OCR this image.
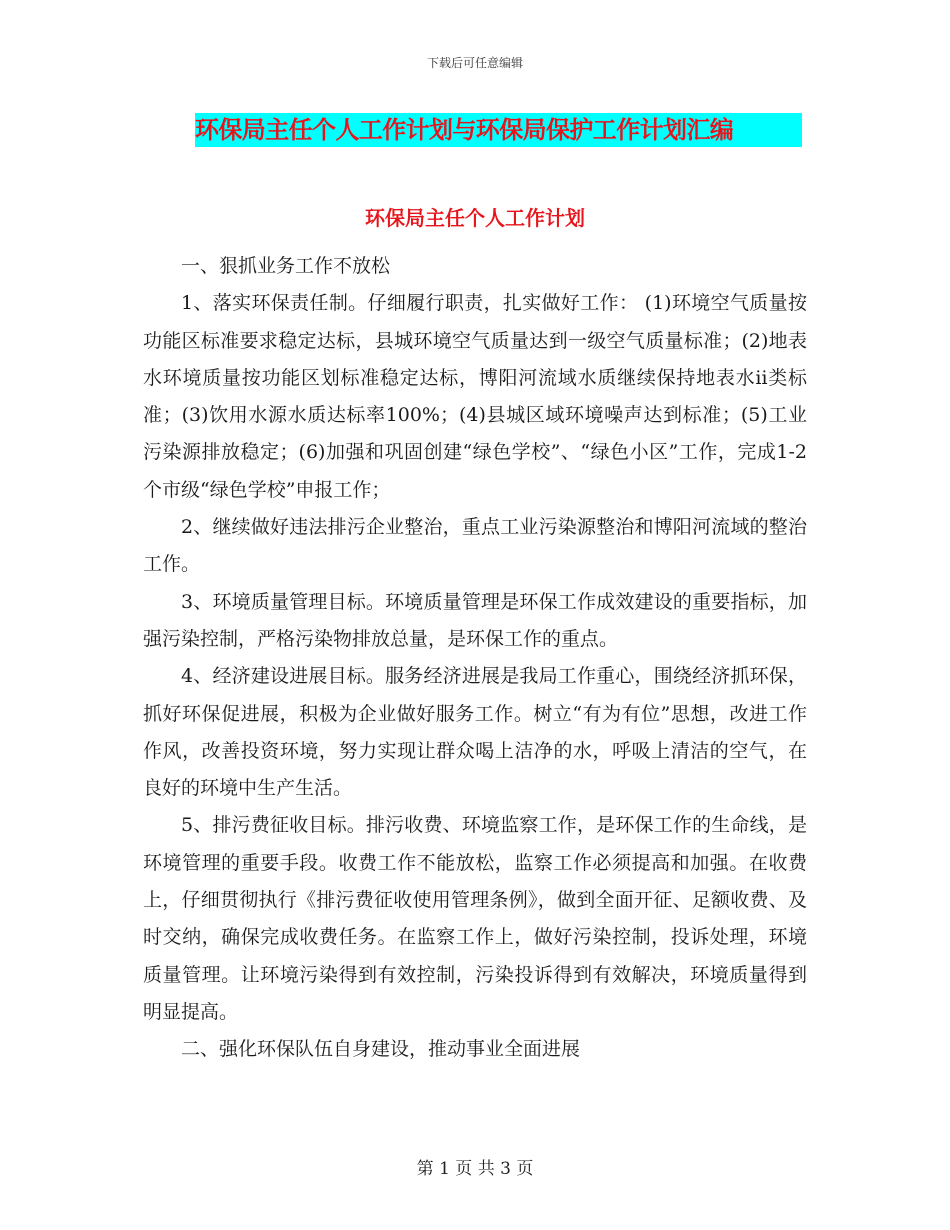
下载后可任意编辑
环保局主任个人工作计划与环保局保护工作计划汇编
环保局主任个人工作计划

一、狠抓业务工作不放松

1、落实环保责任制。仔细履行职责，扎实做好工作： (1)环境空气质量按功能区标准要求稳定达标，县城环境空气质量达到一级空气质量标准；(2)地表水环境质量按功能区划标准稳定达标，博阳河流域水质继续保持地表水ⅱ类标准；(3)饮用水源水质达标率100%；(4)县城区域环境噪声达到标准；(5)工业污染源排放稳定；(6)加强和巩固创建“绿色学校”、“绿色小区”工作，完成1-2个市级“绿色学校”申报工作；

2、继续做好违法排污企业整治，重点工业污染源整治和博阳河流域的整治工作。

3、环境质量管理目标。环境质量管理是环保工作成效建设的重要指标，加强污染控制，严格污染物排放总量，是环保工作的重点。

4、经济建设进展目标。服务经济进展是我局工作重心，围绕经济抓环保，抓好环保促进展，积极为企业做好服务工作。树立“有为有位”思想，改进工作作风，改善投资环境，努力实现让群众喝上洁净的水，呼吸上清洁的空气，在良好的环境中生产生活。

5、排污费征收目标。排污收费、环境监察工作，是环保工作的生命线，是环境管理的重要手段。收费工作不能放松，监察工作必须提高和加强。在收费上，仔细贯彻执行《排污费征收使用管理条例》，做到全面开征、足额收费、及时交纳，确保完成收费任务。在监察工作上，做好污染控制，投诉处理，环境质量管理。让环境污染得到有效控制，污染投诉得到有效解决，环境质量得到明显提高。

二、强化环保队伍自身建设，推动事业全面进展

第 1 页 共 3 页
